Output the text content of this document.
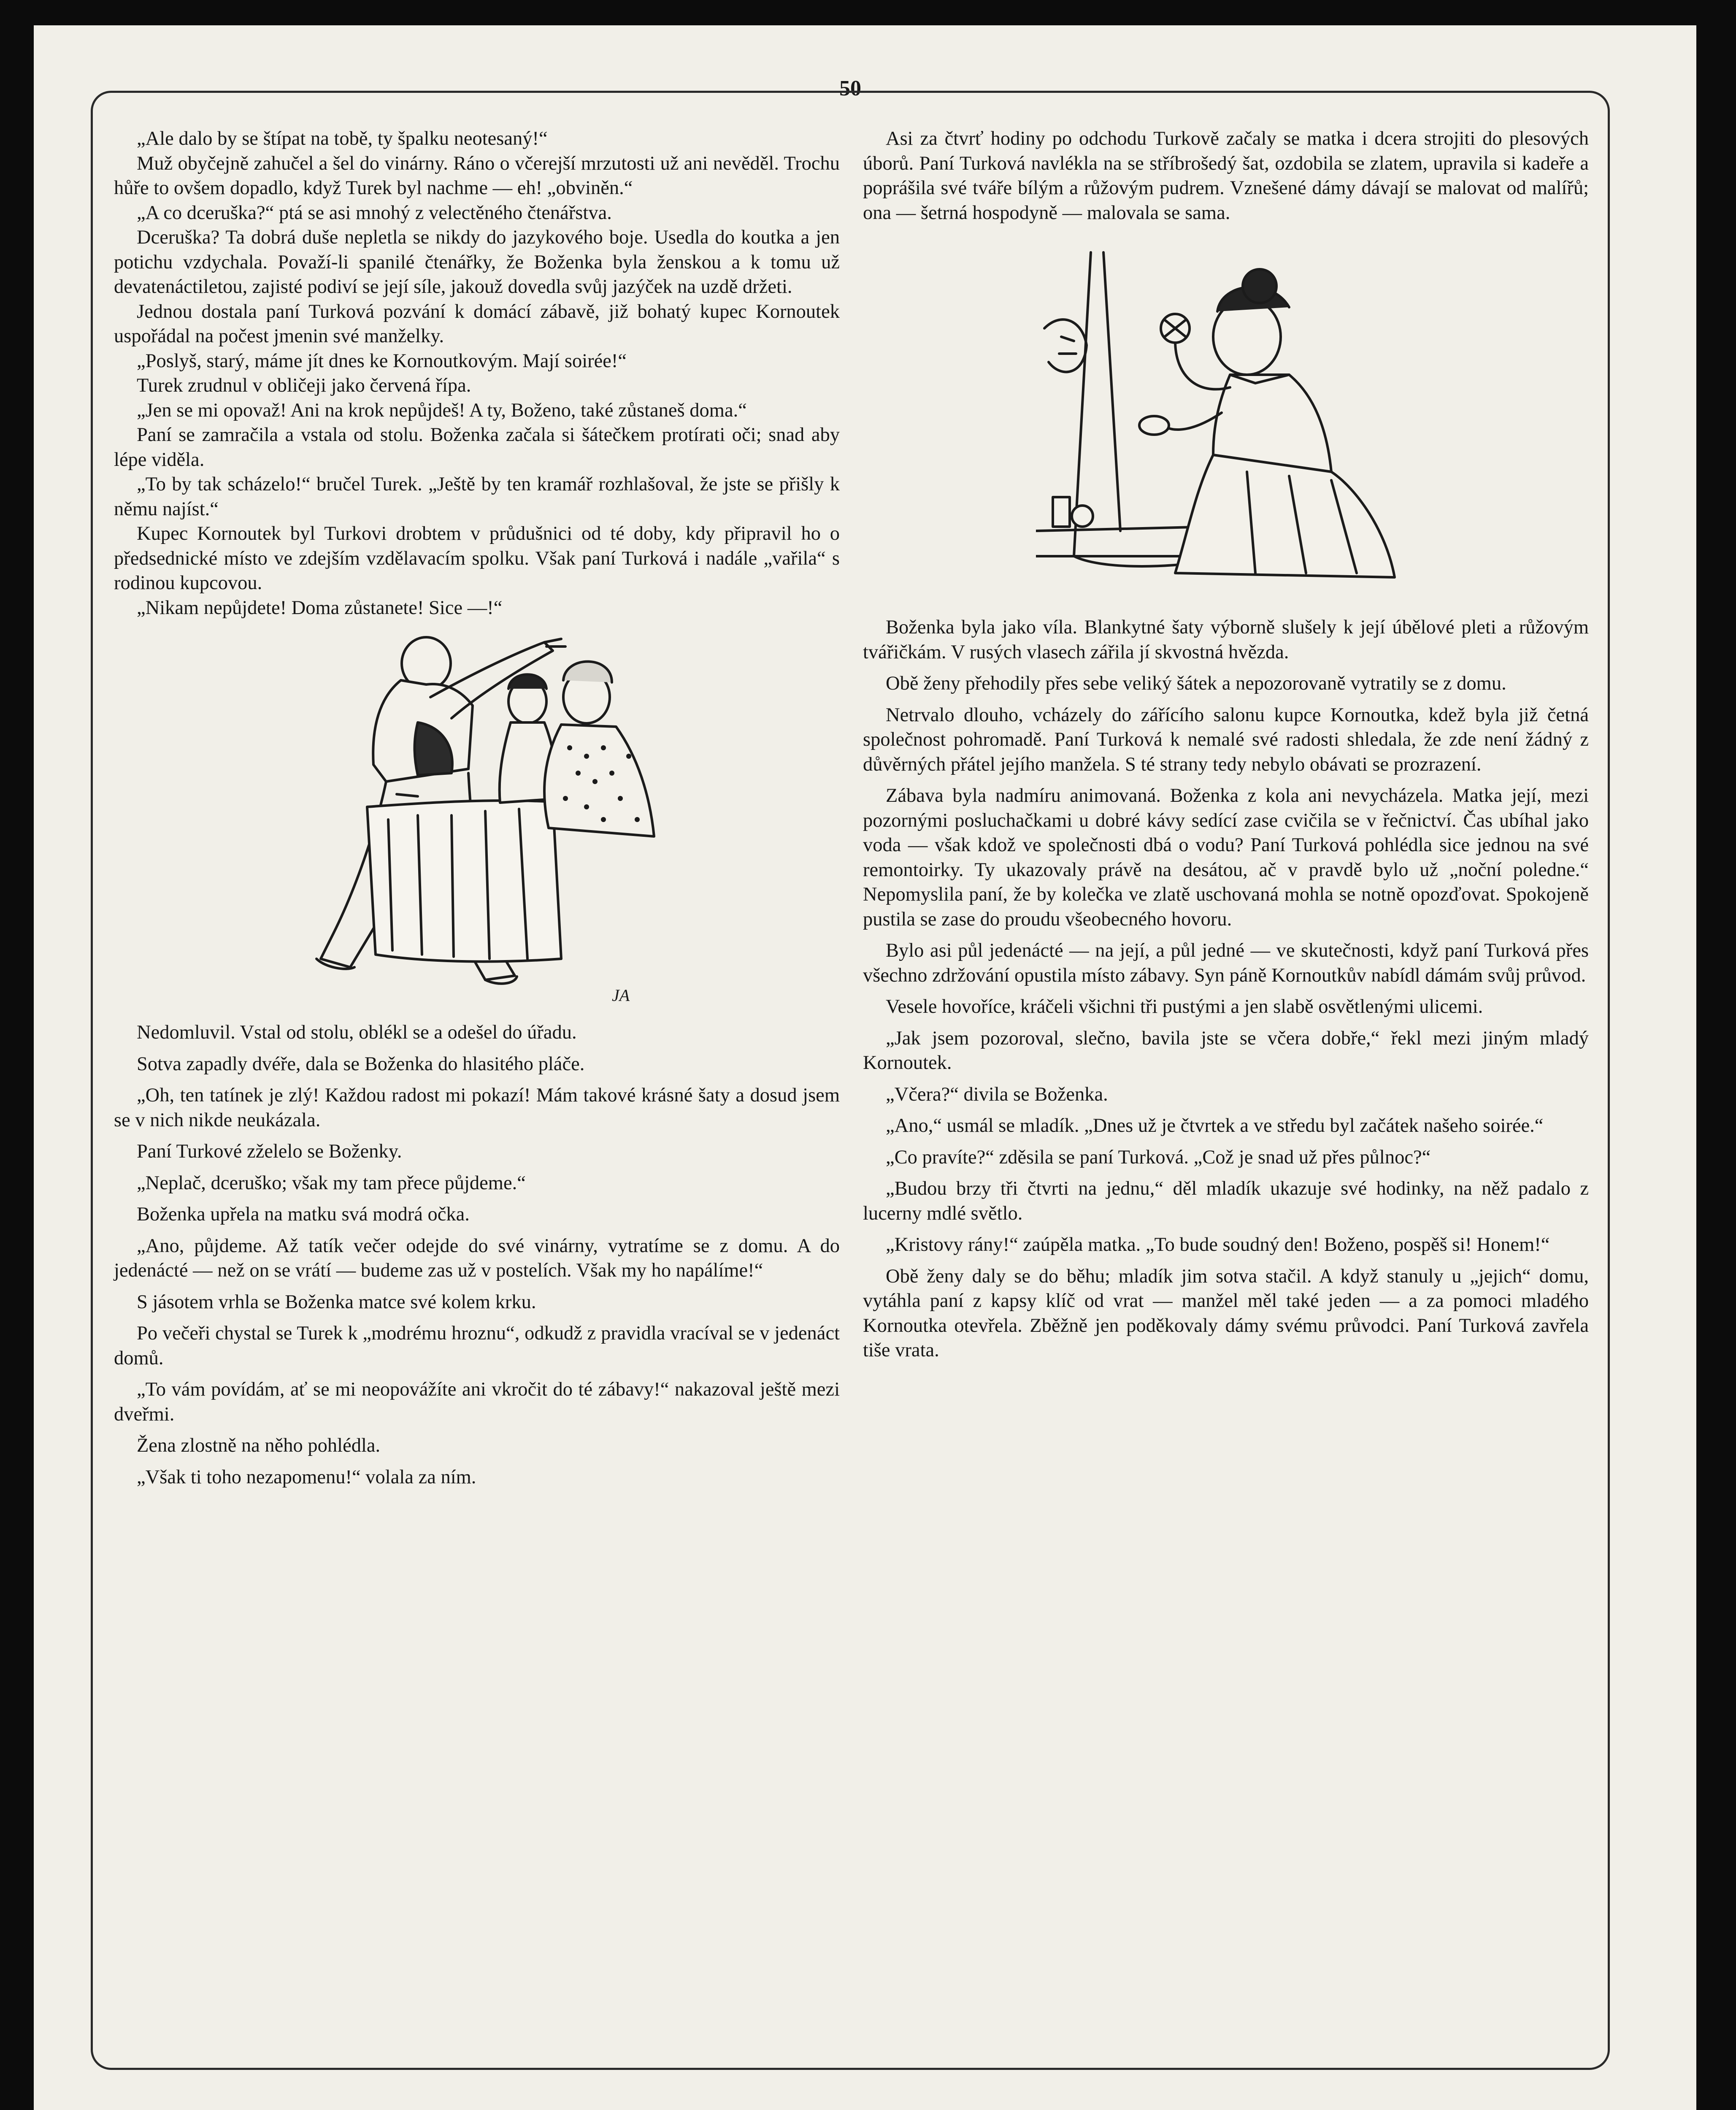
50

„Ale dalo by se štípat na tobě, ty špalku neotesaný!“

Muž obyčejně zahučel a šel do vinárny. Ráno o včerejší mrzutosti už ani nevěděl. Trochu hůře to ovšem dopadlo, když Turek byl nachme — eh! „obviněn.“

„A co dceruška?“ ptá se asi mnohý z velectěného čtenářstva.

Dceruška? Ta dobrá duše nepletla se nikdy do jazykového boje. Usedla do koutka a jen potichu vzdychala. Považí-li spanilé čtenářky, že Boženka byla ženskou a k tomu už devatenáctiletou, zajisté podiví se její síle, jakouž dovedla svůj jazýček na uzdě držeti.

Jednou dostala paní Turková pozvání k domácí zábavě, již bohatý kupec Kornoutek uspořádal na počest jmenin své manželky.

„Poslyš, starý, máme jít dnes ke Kornoutkovým. Mají soirée!“

Turek zrudnul v obličeji jako červená řípa.

„Jen se mi opovaž! Ani na krok nepůjdeš! A ty, Boženo, také zůstaneš doma.“

Paní se zamračila a vstala od stolu. Boženka začala si šátečkem protírati oči; snad aby lépe viděla.

„To by tak scházelo!“ bručel Turek. „Ještě by ten kramář rozhlašoval, že jste se přišly k němu najíst.“

Kupec Kornoutek byl Turkovi drobtem v průdušnici od té doby, kdy připravil ho o předsednické místo ve zdejším vzdělavacím spolku. Však paní Turková i nadále „vařila“ s rodinou kupcovou.

„Nikam nepůjdete! Doma zůstanete! Sice —!“

JA

Nedomluvil. Vstal od stolu, oblékl se a odešel do úřadu.

Sotva zapadly dvéře, dala se Boženka do hlasitého pláče.

„Oh, ten tatínek je zlý! Každou radost mi pokazí! Mám takové krásné šaty a dosud jsem se v nich nikde neukázala.

Paní Turkové zželelo se Boženky.

„Neplač, dceruško; však my tam přece půjdeme.“

Boženka upřela na matku svá modrá očka.

„Ano, půjdeme. Až tatík večer odejde do své vinárny, vytratíme se z domu. A do jedenácté — než on se vrátí — budeme zas už v postelích. Však my ho napálíme!“

S jásotem vrhla se Boženka matce své kolem krku.

Po večeři chystal se Turek k „modrému hroznu“, odkudž z pravidla vracíval se v jedenáct domů.

„To vám povídám, ať se mi neopovážíte ani vkročit do té zábavy!“ nakazoval ještě mezi dveřmi.

Žena zlostně na něho pohlédla.

„Však ti toho nezapomenu!“ volala za ním.

Asi za čtvrť hodiny po odchodu Turkově začaly se matka i dcera strojiti do plesových úborů. Paní Turková navlékla na se stříbrošedý šat, ozdobila se zlatem, upravila si kadeře a poprášila své tváře bílým a růžovým pudrem. Vznešené dámy dávají se malovat od malířů; ona — šetrná hospodyně — malovala se sama.

Boženka byla jako víla. Blankytné šaty výborně slušely k její úbělové pleti a růžovým tvářičkám. V rusých vlasech zářila jí skvostná hvězda.

Obě ženy přehodily přes sebe veliký šátek a nepozorovaně vytratily se z domu.

Netrvalo dlouho, vcházely do zářícího salonu kupce Kornoutka, kdež byla již četná společnost pohromadě. Paní Turková k nemalé své radosti shledala, že zde není žádný z důvěrných přátel jejího manžela. S té strany tedy nebylo obávati se prozrazení.

Zábava byla nadmíru animovaná. Boženka z kola ani nevycházela. Matka její, mezi pozornými posluchačkami u dobré kávy sedící zase cvičila se v řečnictví. Čas ubíhal jako voda — však kdož ve společnosti dbá o vodu? Paní Turková pohlédla sice jednou na své remontoirky. Ty ukazovaly právě na desátou, ač v pravdě bylo už „noční poledne.“ Nepomyslila paní, že by kolečka ve zlatě uschovaná mohla se notně opozďovat. Spokojeně pustila se zase do proudu všeobecného hovoru.

Bylo asi půl jedenácté — na její, a půl jedné — ve skutečnosti, když paní Turková přes všechno zdržování opustila místo zábavy. Syn páně Kornoutkův nabídl dámám svůj průvod.

Vesele hovoříce, kráčeli všichni tři pustými a jen slabě osvětlenými ulicemi.

„Jak jsem pozoroval, slečno, bavila jste se včera dobře,“ řekl mezi jiným mladý Kornoutek.

„Včera?“ divila se Boženka.

„Ano,“ usmál se mladík. „Dnes už je čtvrtek a ve středu byl začátek našeho soirée.“

„Co pravíte?“ zděsila se paní Turková. „Což je snad už přes půlnoc?“

„Budou brzy tři čtvrti na jednu,“ děl mladík ukazuje své hodinky, na něž padalo z lucerny mdlé světlo.

„Kristovy rány!“ zaúpěla matka. „To bude soudný den! Boženo, pospěš si! Honem!“

Obě ženy daly se do běhu; mladík jim sotva stačil. A když stanuly u „jejich“ domu, vytáhla paní z kapsy klíč od vrat — manžel měl také jeden — a za pomoci mladého Kornoutka otevřela. Zběžně jen poděkovaly dámy svému průvodci. Paní Turková zavřela tiše vrata.
